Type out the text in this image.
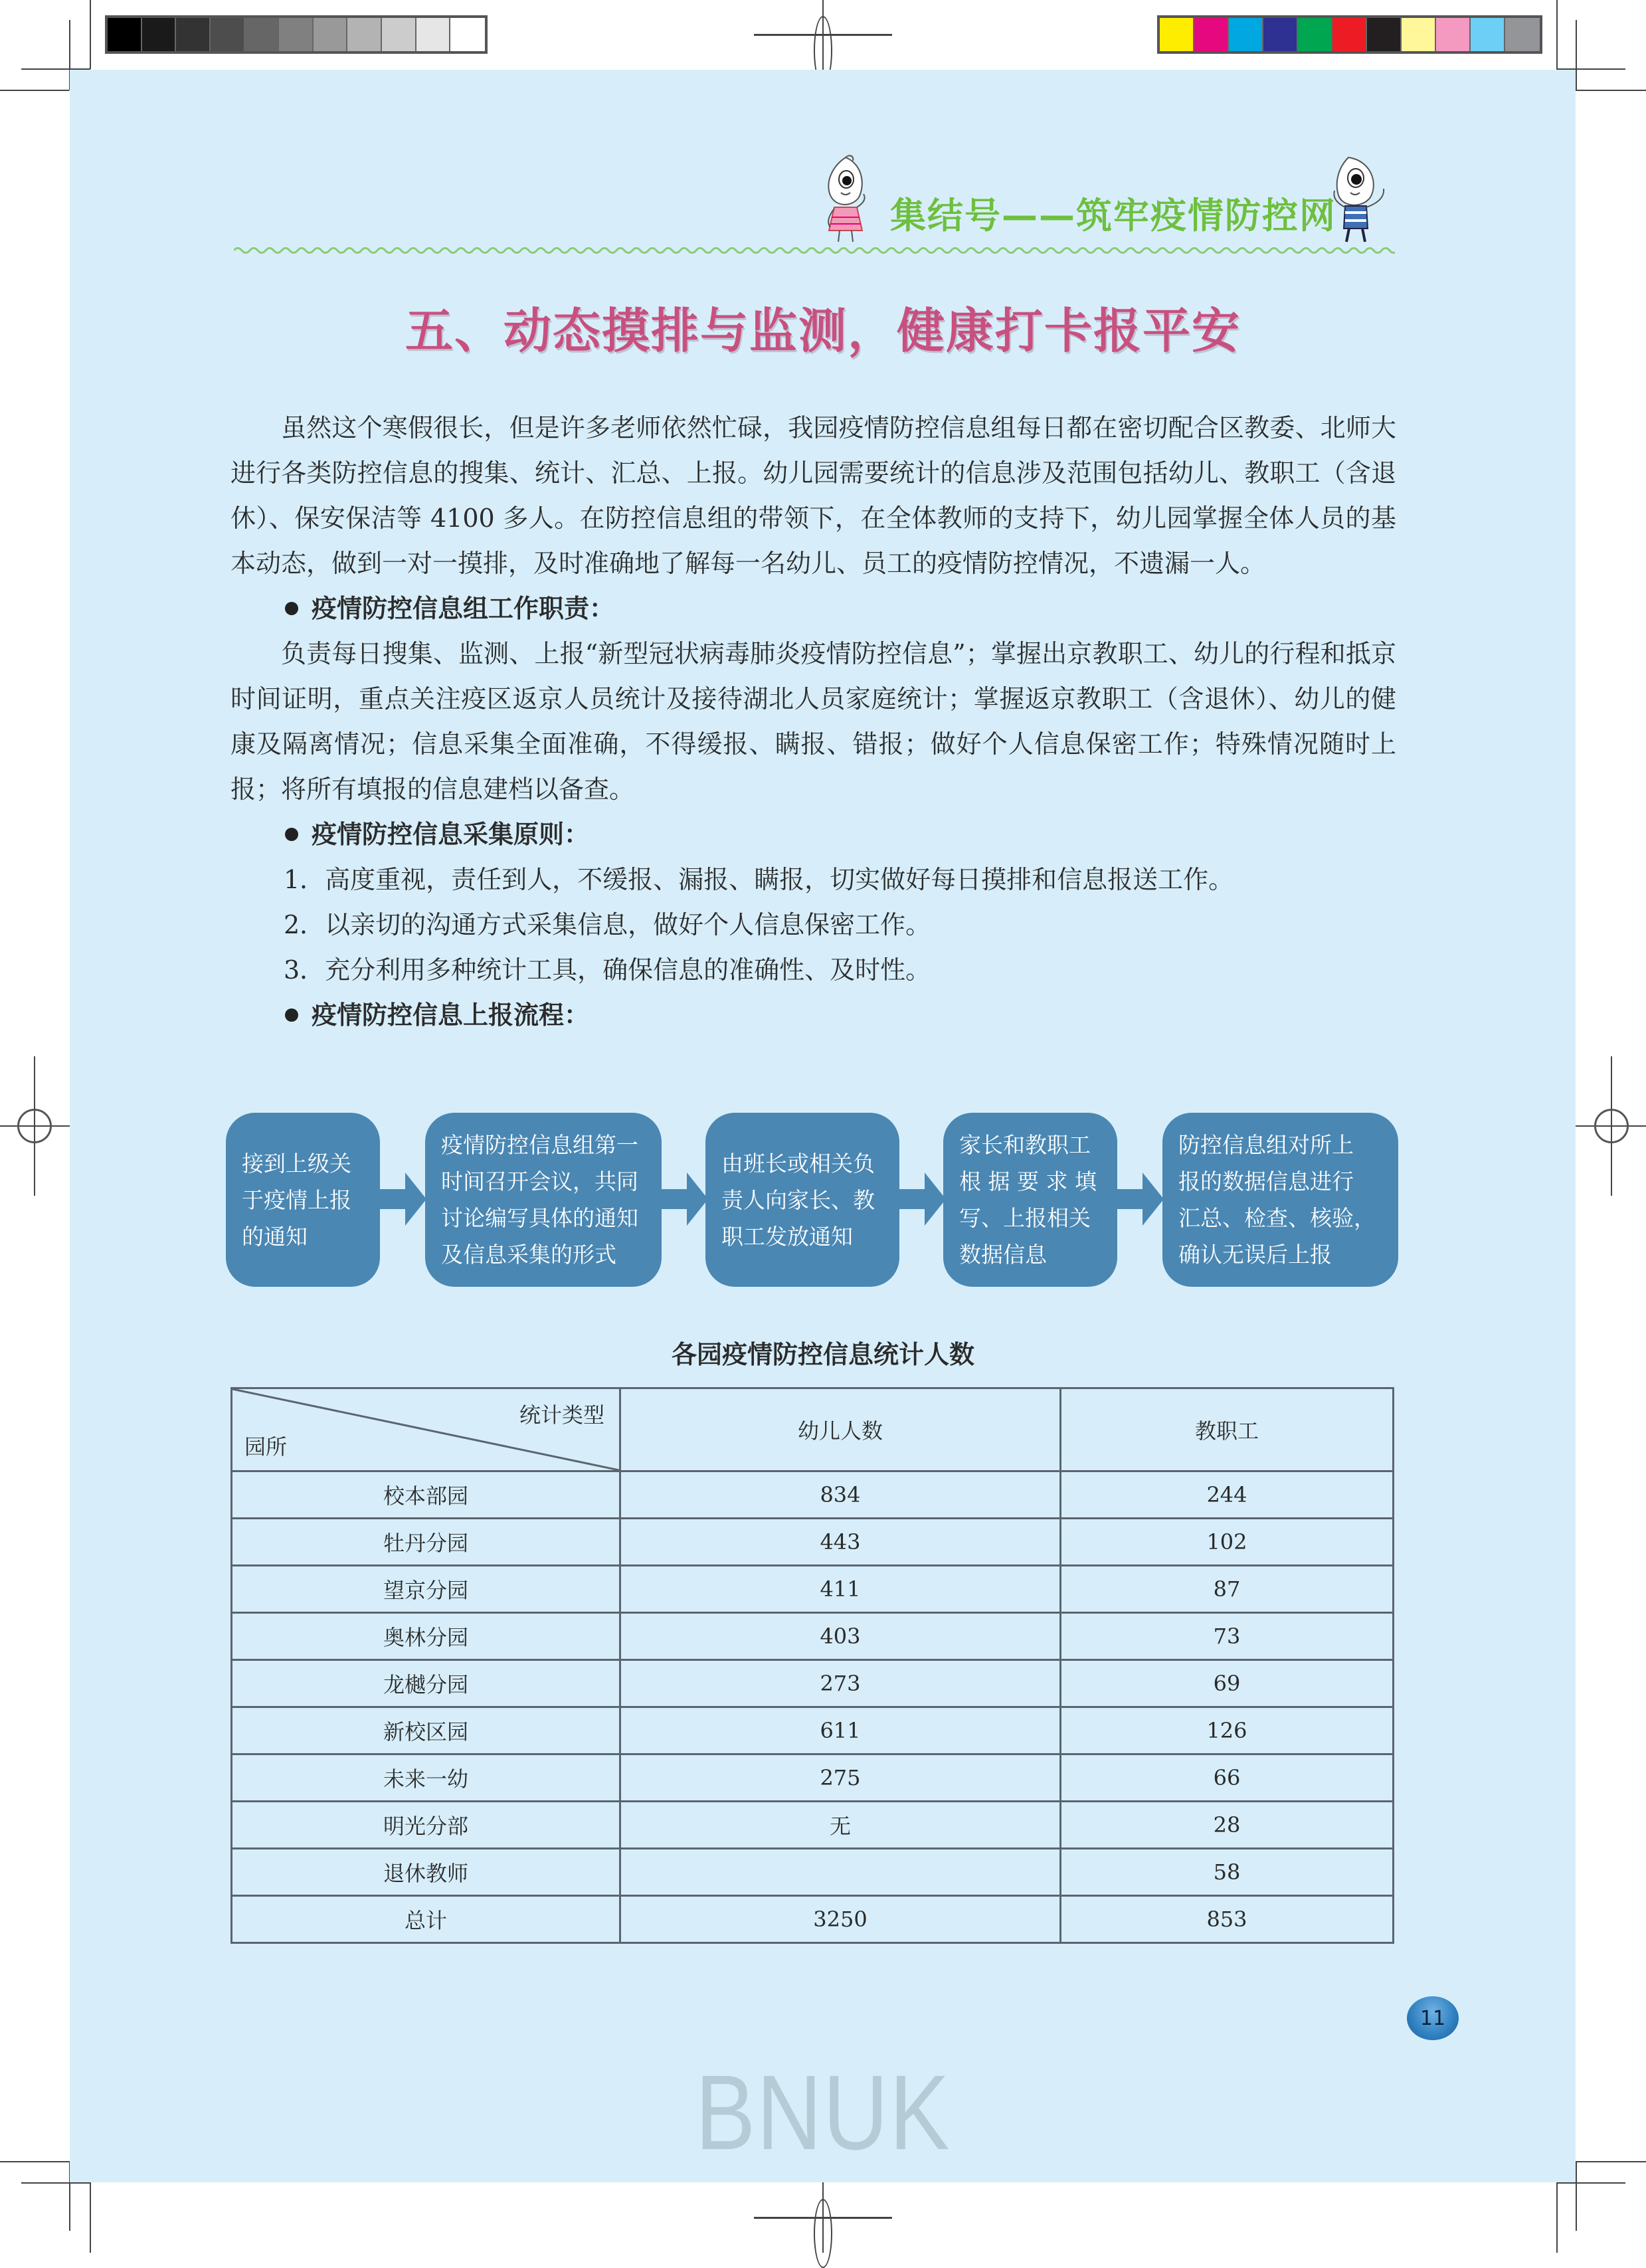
集结号——筑牢疫情防控网
五、动态摸排与监测，健康打卡报平安

虽然这个寒假很长，但是许多老师依然忙碌，我园疫情防控信息组每日都在密切配合区教委、北师大进行各类防控信息的搜集、统计、汇总、上报。幼儿园需要统计的信息涉及范围包括幼儿、教职工（含退休）、保安保洁等 4100 多人。在防控信息组的带领下，在全体教师的支持下，幼儿园掌握全体人员的基本动态，做到一对一摸排，及时准确地了解每一名幼儿、员工的疫情防控情况，不遗漏一人。

疫情防控信息组工作职责：

负责每日搜集、监测、上报“新型冠状病毒肺炎疫情防控信息”；掌握出京教职工、幼儿的行程和抵京时间证明，重点关注疫区返京人员统计及接待湖北人员家庭统计；掌握返京教职工（含退休）、幼儿的健康及隔离情况；信息采集全面准确，不得缓报、瞒报、错报；做好个人信息保密工作；特殊情况随时上报；将所有填报的信息建档以备查。

疫情防控信息采集原则：

1．高度重视，责任到人，不缓报、漏报、瞒报，切实做好每日摸排和信息报送工作。

2．以亲切的沟通方式采集信息，做好个人信息保密工作。

3．充分利用多种统计工具，确保信息的准确性、及时性。

疫情防控信息上报流程：

接到上级关
于疫情上报
的通知
疫情防控信息组第一
时间召开会议，共同
讨论编写具体的通知
及信息采集的形式
由班长或相关负
责人向家长、教
职工发放通知
家长和教职工
根 据 要 求 填
写、上报相关
数据信息
防控信息组对所上
报的数据信息进行
汇总、检查、核验，
确认无误后上报
各园疫情防控信息统计人数
统计类型
园所	幼儿人数	教职工
校本部园	834	244
牡丹分园	443	102
望京分园	411	87
奥林分园	403	73
龙樾分园	273	69
新校区园	611	126
未来一幼	275	66
明光分部	无	28
退休教师		58
总计	3250	853
11
BNUK
